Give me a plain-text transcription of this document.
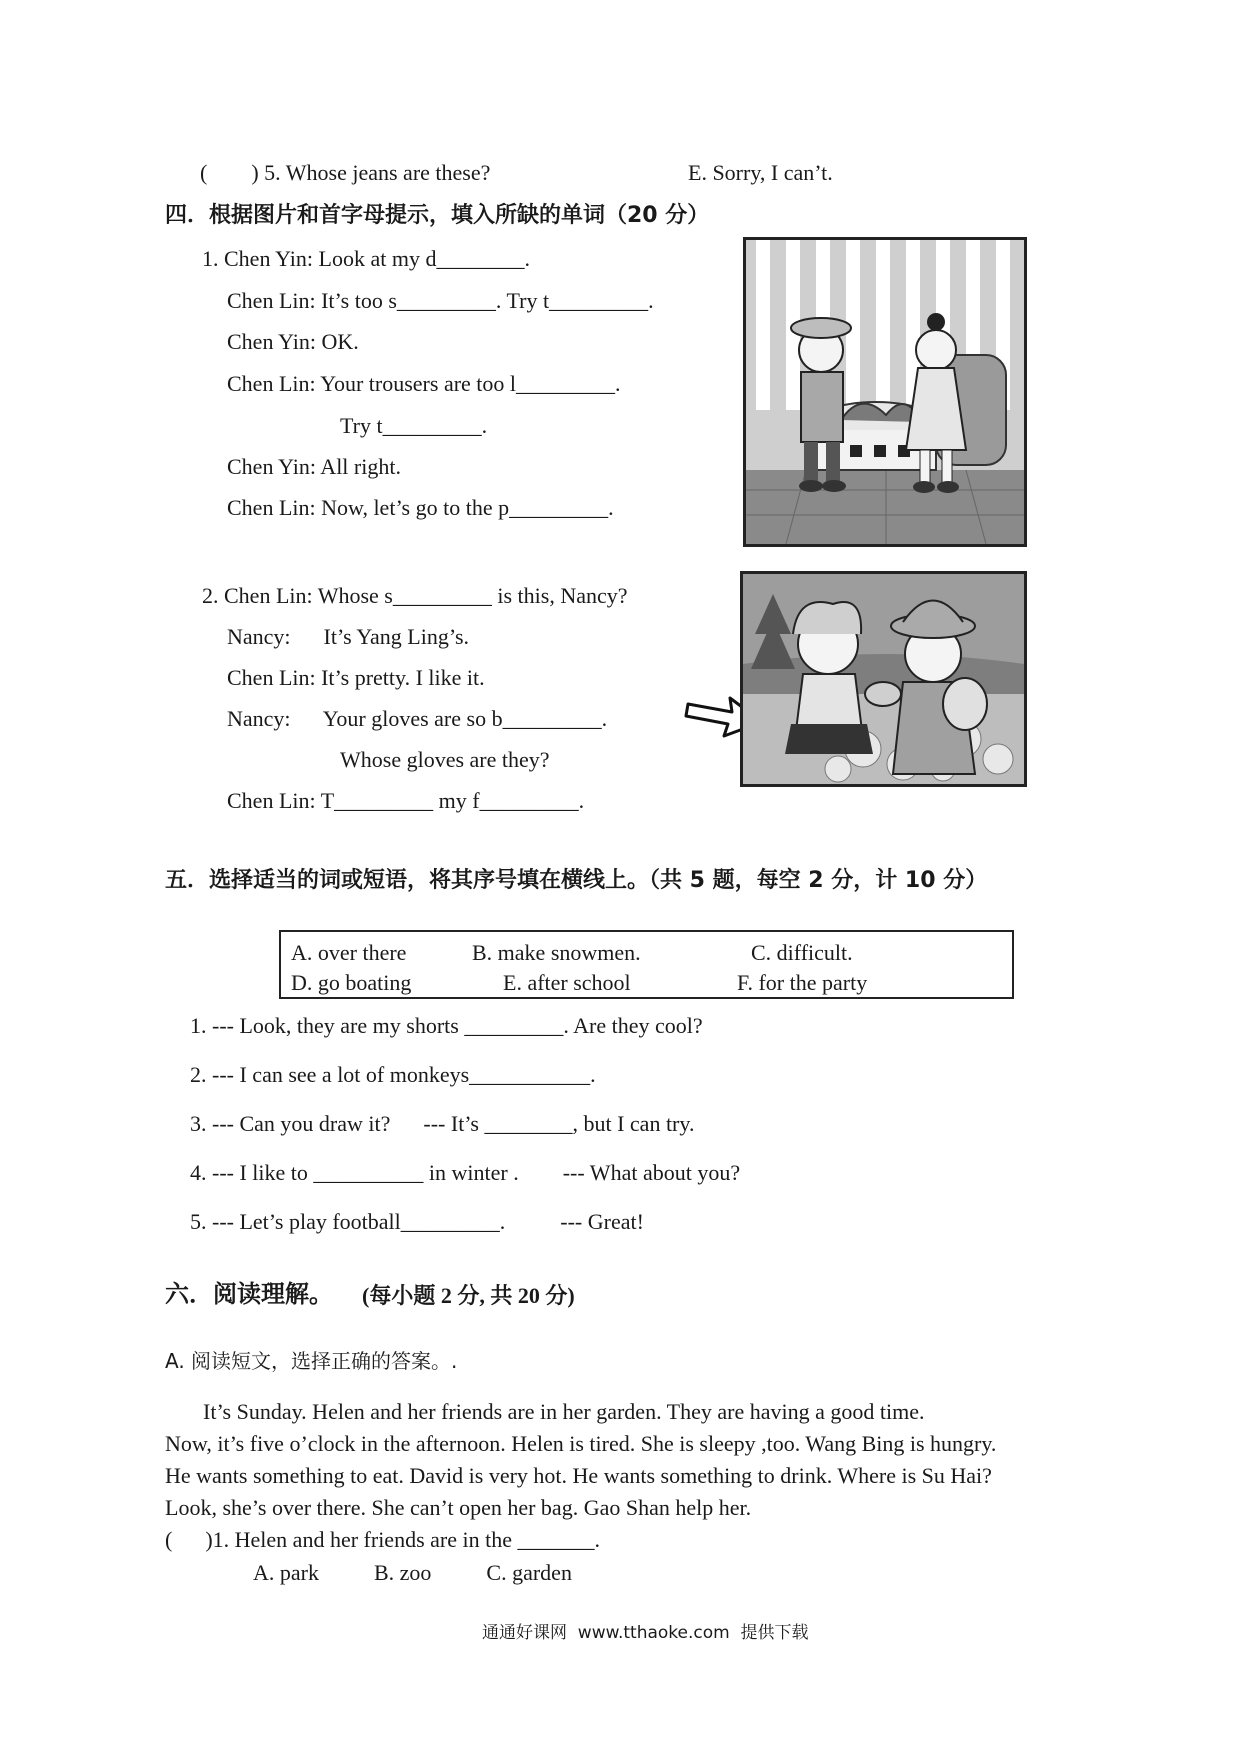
(        ) 5. Whose jeans are these?	E. Sorry, I can’t.
四．根据图片和首字母提示，填入所缺的单词（20 分）
1. Chen Yin: Look at my d________.
Chen Lin: It’s too s_________. Try t_________.
Chen Yin: OK.
Chen Lin: Your trousers are too l_________.
Try t_________.
Chen Yin: All right.
Chen Lin: Now, let’s go to the p_________.
2. Chen Lin: Whose s_________ is this, Nancy?
Nancy:      It’s Yang Ling’s.
Chen Lin: It’s pretty. I like it.
Nancy:      Your gloves are so b_________.
Whose gloves are they?
Chen Lin: T_________ my f_________.
五．选择适当的词或短语，将其序号填在横线上。（共 5 题，每空 2 分，计 10 分）
A. over there	B. make snowmen.	C. difficult.
D. go boating	E. after school	F. for the party
1. --- Look, they are my shorts _________. Are they cool?
2. --- I can see a lot of monkeys___________.
3. --- Can you draw it?      --- It’s ________, but I can try.
4. --- I like to __________ in winter .        --- What about you?
5. --- Let’s play football_________.          --- Great!
六．阅读理解。 (每小题 2 分, 共 20 分)
A. 阅读短文，选择正确的答案。.
It’s Sunday. Helen and her friends are in her garden. They are having a good time.
Now, it’s five o’clock in the afternoon. Helen is tired. She is sleepy ,too. Wang Bing is hungry.
He wants something to eat. David is very hot. He wants something to drink. Where is Su Hai?
Look, she’s over there. She can’t open her bag. Gao Shan help her.
(      )1. Helen and her friends are in the _______.
A. park          B. zoo          C. garden
通通好课网  www.tthaoke.com  提供下载
